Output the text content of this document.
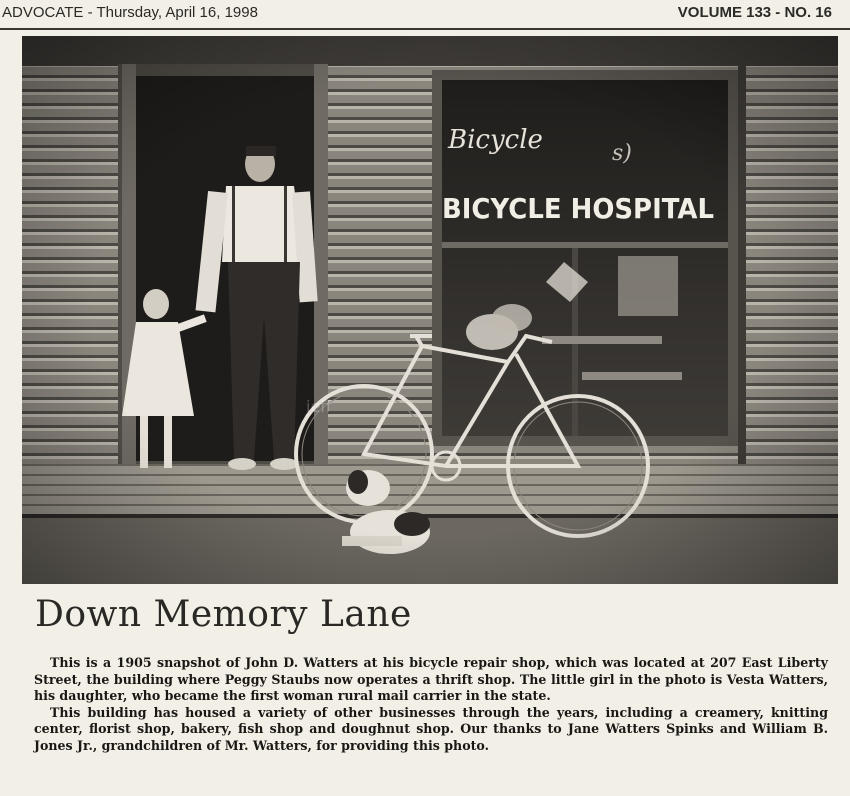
ADVOCATE - Thursday, April 16, 1998	VOLUME 133 - NO. 16
Down Memory Lane

This is a 1905 snapshot of John D. Watters at his bicycle repair shop, which was located at 207 East Liberty Street, the building where Peggy Staubs now operates a thrift shop. The little girl in the photo is Vesta Watters, his daughter, who became the first woman rural mail carrier in the state.

This building has housed a variety of other businesses through the years, including a creamery, knitting center, florist shop, bakery, fish shop and doughnut shop. Our thanks to Jane Watters Spinks and William B. Jones Jr., grandchildren of Mr. Watters, for providing this photo.
